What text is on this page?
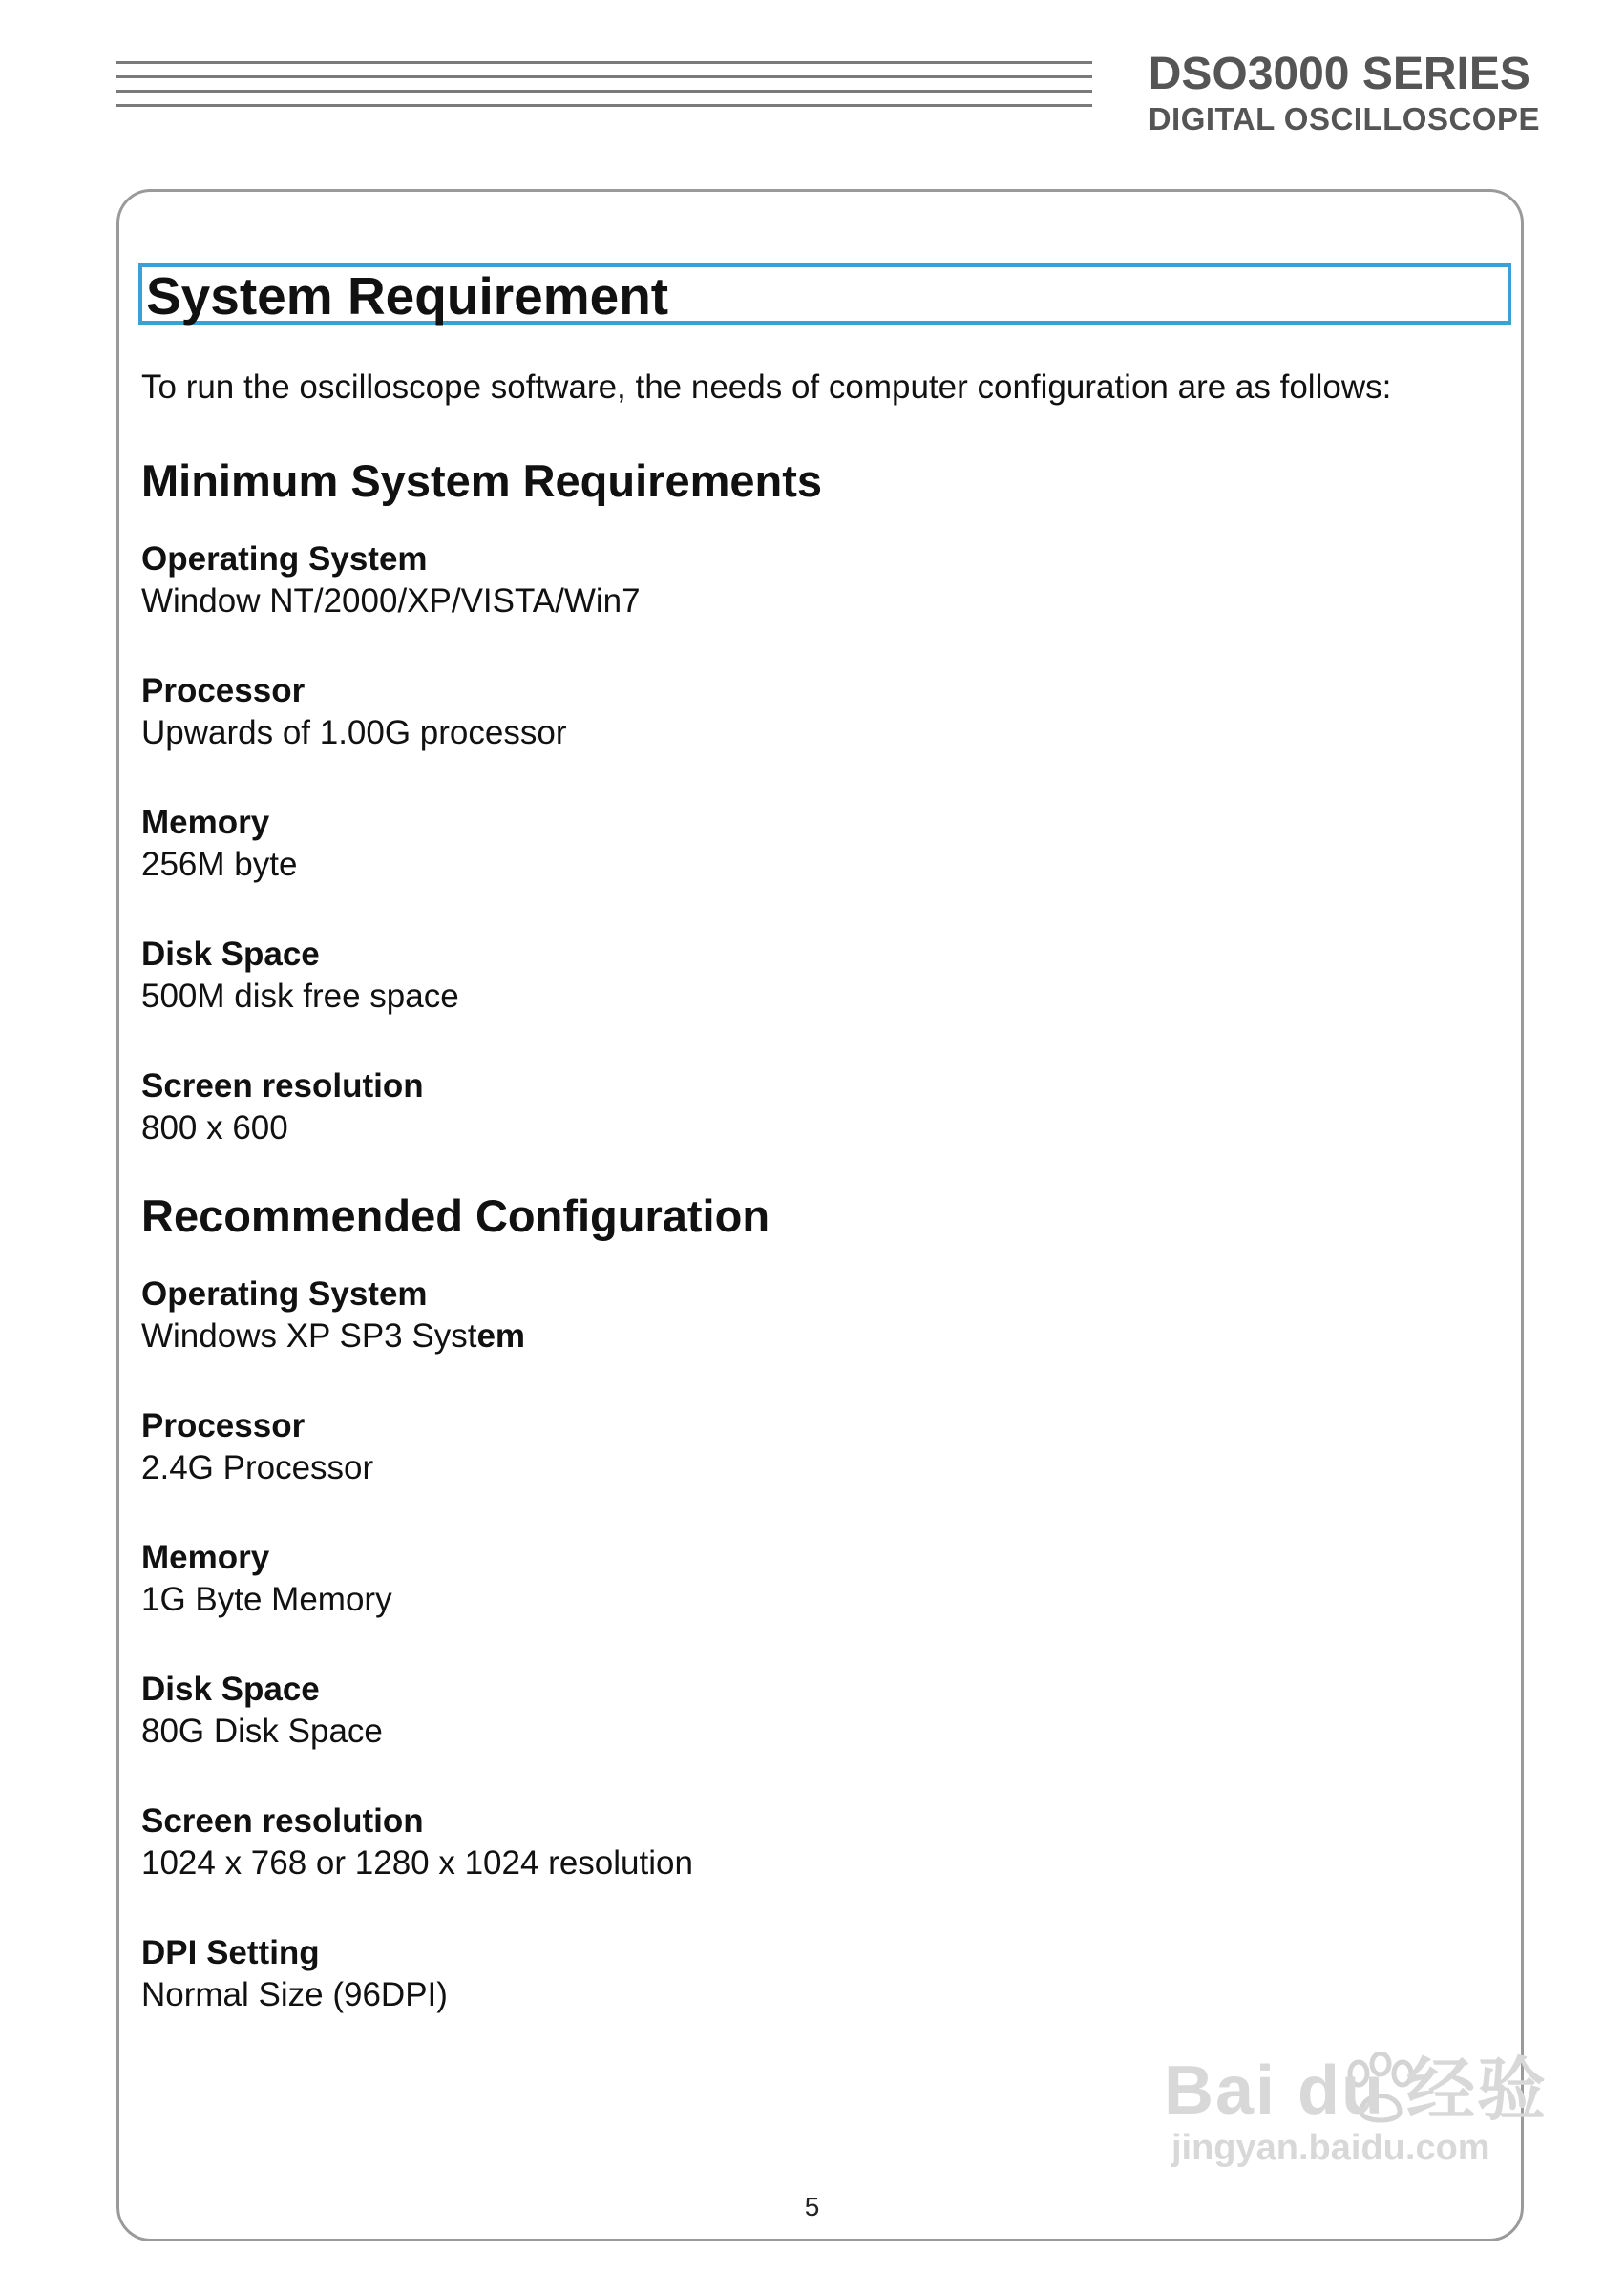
DSO3000 SERIES
DIGITAL OSCILLOSCOPE
System Requirement

To run the oscilloscope software, the needs of computer configuration are as follows:

Minimum System Requirements
Operating System
Window NT/2000/XP/VISTA/Win7
Processor
Upwards of 1.00G processor
Memory
256M byte
Disk Space
500M disk free space
Screen resolution
800 x 600
Recommended Configuration
Operating System
Windows XP SP3 System
Processor
2.4G Processor
Memory
1G Byte Memory
Disk Space
80G Disk Space
Screen resolution
1024 x 768 or 1280 x 1024 resolution
DPI Setting
Normal Size (96DPI)
5
Bai du 经验
jingyan.baidu.com
